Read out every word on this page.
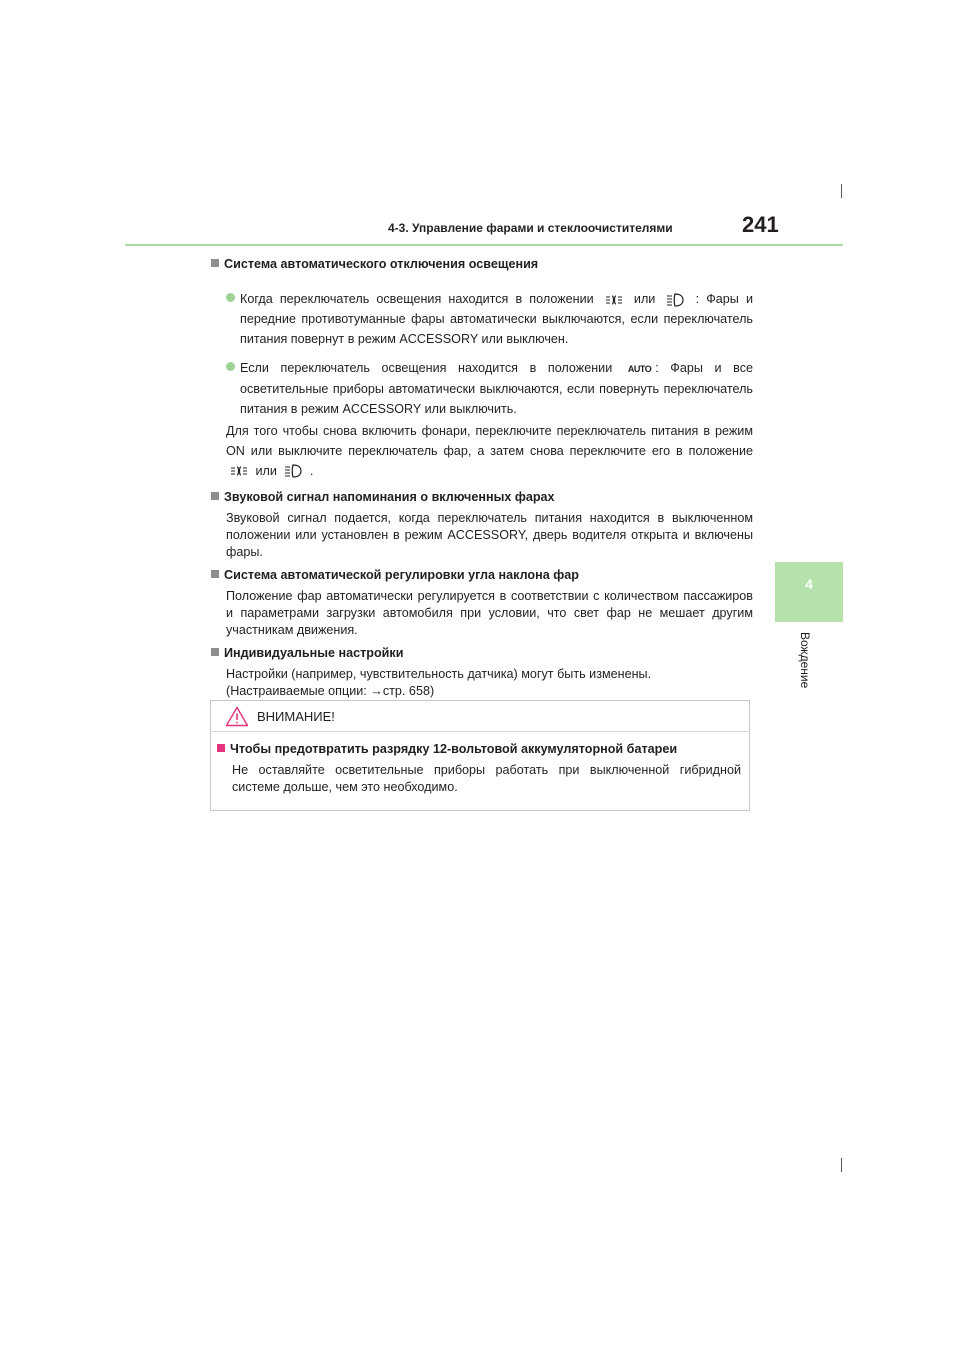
4-3. Управление фарами и стеклоочистителями	241
4
Вождение
Система автоматического отключения освещения
Когда переключатель освещения находится в положении	или	: Фары и передние противотуманные фары автоматически выключаются, если переключатель питания повернут в режим ACCESSORY или выключен.
Если переключатель освещения находится в положении AUTO : Фары и все осветительные приборы автоматически выключаются, если повернуть переключатель питания в режим ACCESSORY или выключить.
Для того чтобы снова включить фонари, переключите переключатель питания в режим ON или выключите переключатель фар, а затем снова переключите его в положение  или	.
Звуковой сигнал напоминания о включенных фарах
Звуковой сигнал подается, когда переключатель питания находится в выключенном положении или установлен в режим ACCESSORY, дверь водителя открыта и включены фары.
Система автоматической регулировки угла наклона фар
Положение фар автоматически регулируется в соответствии с количеством пассажиров и параметрами загрузки автомобиля при условии, что свет фар не мешает другим участникам движения.
Индивидуальные настройки
Настройки (например, чувствительность датчика) могут быть изменены.
(Настраиваемые опции: →стр. 658)
ВНИМАНИЕ!
Чтобы предотвратить разрядку 12-вольтовой аккумуляторной батареи
Не оставляйте осветительные приборы работать при выключенной гибридной системе дольше, чем это необходимо.
